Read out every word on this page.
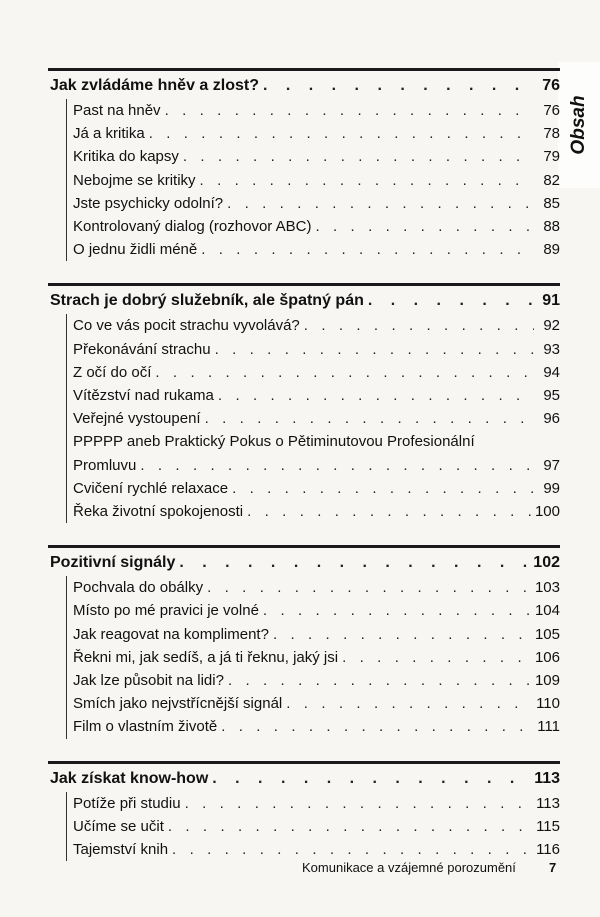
Obsah
Jak zvládáme hněv a zlost? . . .	76
Past na hněv . . .	76
Já a kritika . . .	78
Kritika do kapsy . . .	79
Nebojme se kritiky . . .	82
Jste psychicky odolní? . . .	85
Kontrolovaný dialog (rozhovor ABC) . . .	88
O jednu židli méně . . .	89
Strach je dobrý služebník, ale špatný pán . . .	91
Co ve vás pocit strachu vyvolává? . . .	92
Překonávání strachu . . .	93
Z očí do očí . . .	94
Vítězství nad rukama . . .	95
Veřejné vystoupení . . .	96
PPPPP aneb Praktický Pokus o Pětiminutovou Profesionální
Promluvu . . .	97
Cvičení rychlé relaxace . . .	99
Řeka životní spokojenosti . . .	100
Pozitivní signály . . .	102
Pochvala do obálky . . .	103
Místo po mé pravici je volné . . .	104
Jak reagovat na kompliment? . . .	105
Řekni mi, jak sedíš, a já ti řeknu, jaký jsi . . .	106
Jak lze působit na lidi? . . .	109
Smích jako nejvstřícnější signál . . .	110
Film o vlastním životě . . .	111
Jak získat know-how . . .	113
Potíže při studiu . . .	113
Učíme se učit . . .	115
Tajemství knih . . .	116
Komunikace a vzájemné porozumění	7
